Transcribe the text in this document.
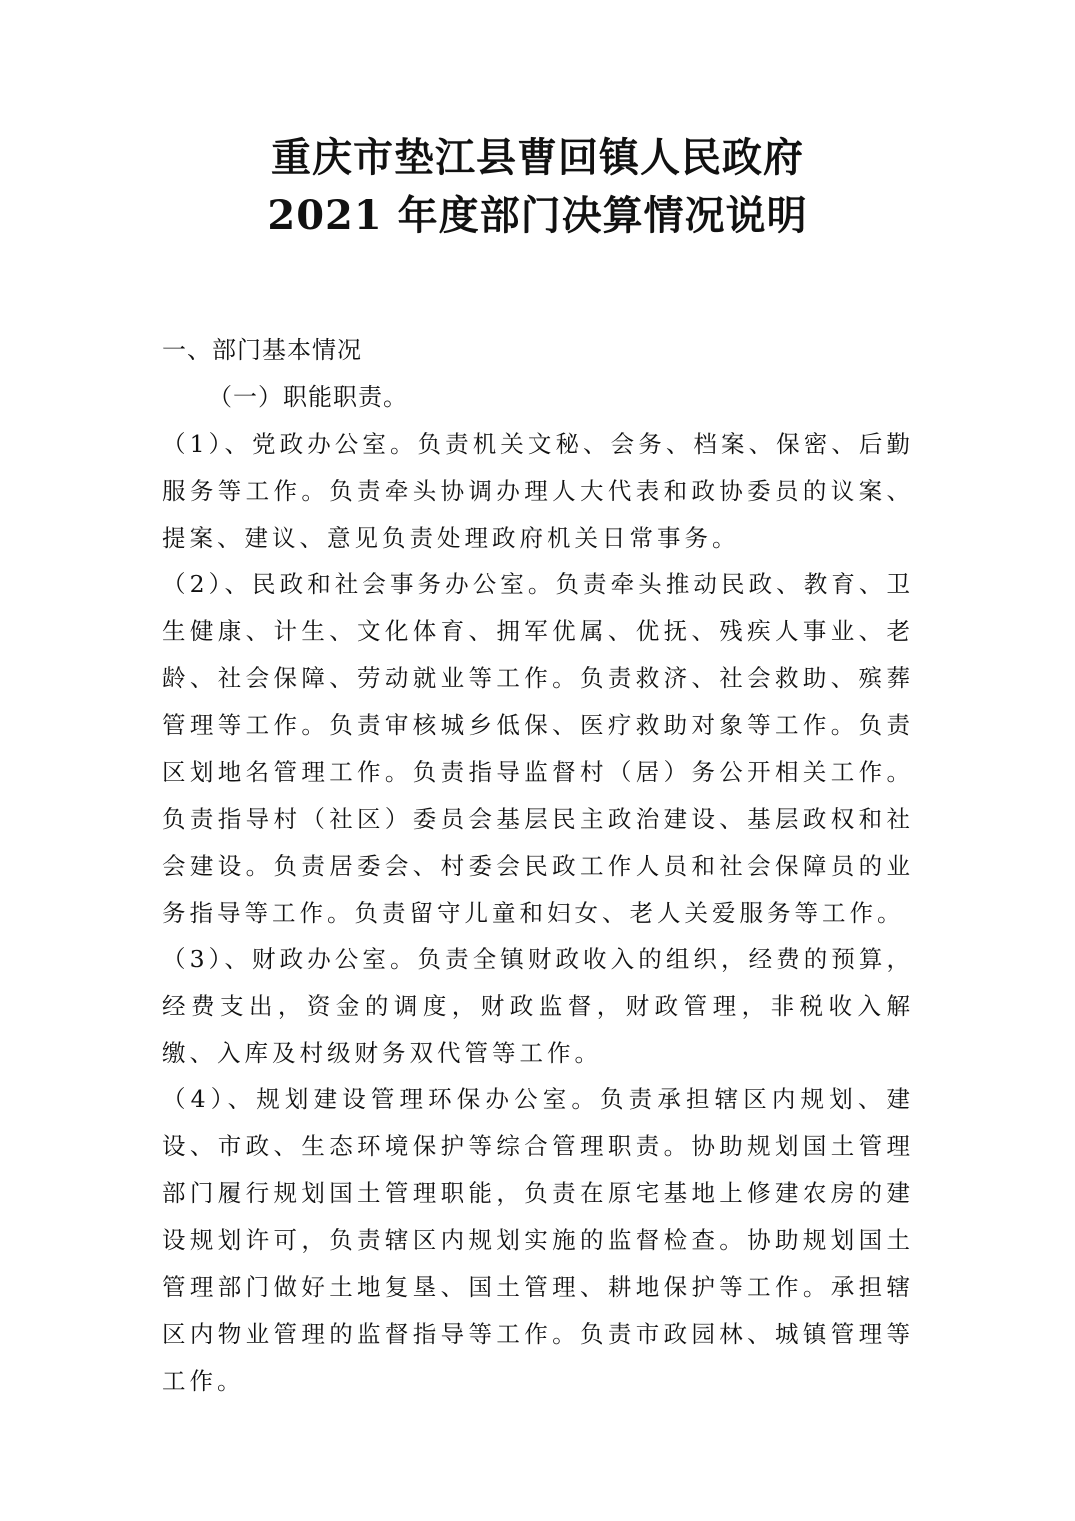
重庆市垫江县曹回镇人民政府
2021 年度部门决算情况说明
一、部门基本情况
（一）职能职责。

（1）、党政办公室。负责机关文秘、会务、档案、保密、后勤服务等工作。负责牵头协调办理人大代表和政协委员的议案、提案、建议、意见负责处理政府机关日常事务。

（2）、民政和社会事务办公室。负责牵头推动民政、教育、卫生健康、计生、文化体育、拥军优属、优抚、残疾人事业、老龄、社会保障、劳动就业等工作。负责救济、社会救助、殡葬管理等工作。负责审核城乡低保、医疗救助对象等工作。负责区划地名管理工作。负责指导监督村（居）务公开相关工作。负责指导村（社区）委员会基层民主政治建设、基层政权和社会建设。负责居委会、村委会民政工作人员和社会保障员的业务指导等工作。负责留守儿童和妇女、老人关爱服务等工作。

（3）、财政办公室。负责全镇财政收入的组织，经费的预算，经费支出，资金的调度，财政监督，财政管理，非税收入解缴、入库及村级财务双代管等工作。

（4）、规划建设管理环保办公室。负责承担辖区内规划、建设、市政、生态环境保护等综合管理职责。协助规划国土管理部门履行规划国土管理职能，负责在原宅基地上修建农房的建设规划许可，负责辖区内规划实施的监督检查。协助规划国土管理部门做好土地复垦、国土管理、耕地保护等工作。承担辖区内物业管理的监督指导等工作。负责市政园林、城镇管理等工作。
